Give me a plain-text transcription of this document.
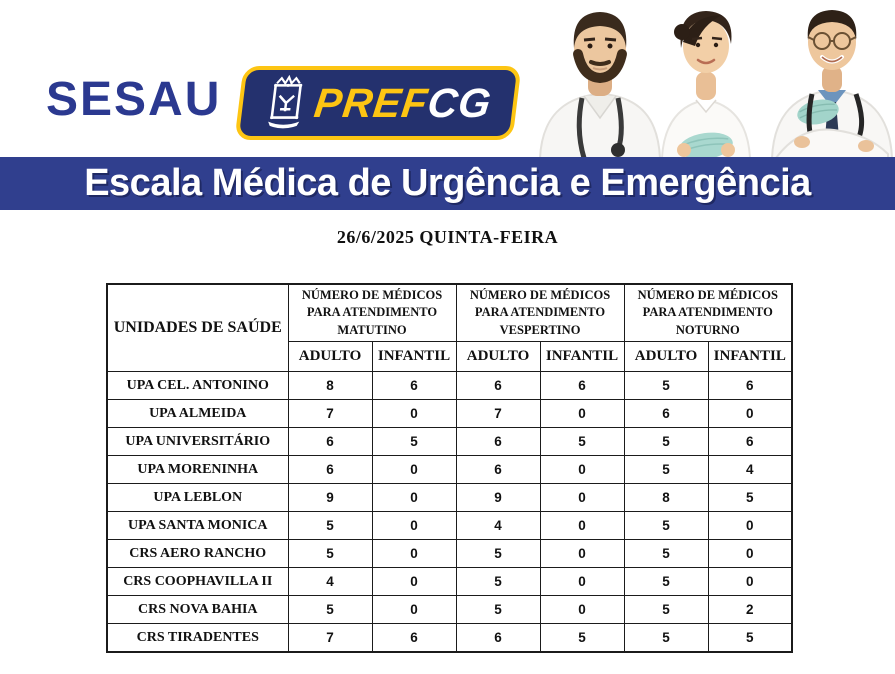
SESAU PREFCG
Escala Médica de Urgência e Emergência
26/6/2025 QUINTA-FEIRA
UNIDADES DE SAÚDE	NÚMERO DE MÉDICOS PARA ATENDIMENTO MATUTINO		NÚMERO DE MÉDICOS PARA ATENDIMENTO VESPERTINO		NÚMERO DE MÉDICOS PARA ATENDIMENTO NOTURNO	
	ADULTO	INFANTIL	ADULTO	INFANTIL	ADULTO	INFANTIL
UPA CEL. ANTONINO	8	6	6	6	5	6
UPA ALMEIDA	7	0	7	0	6	0
UPA UNIVERSITÁRIO	6	5	6	5	5	6
UPA MORENINHA	6	0	6	0	5	4
UPA LEBLON	9	0	9	0	8	5
UPA SANTA MONICA	5	0	4	0	5	0
CRS AERO RANCHO	5	0	5	0	5	0
CRS COOPHAVILLA II	4	0	5	0	5	0
CRS NOVA BAHIA	5	0	5	0	5	2
CRS TIRADENTES	7	6	6	5	5	5
